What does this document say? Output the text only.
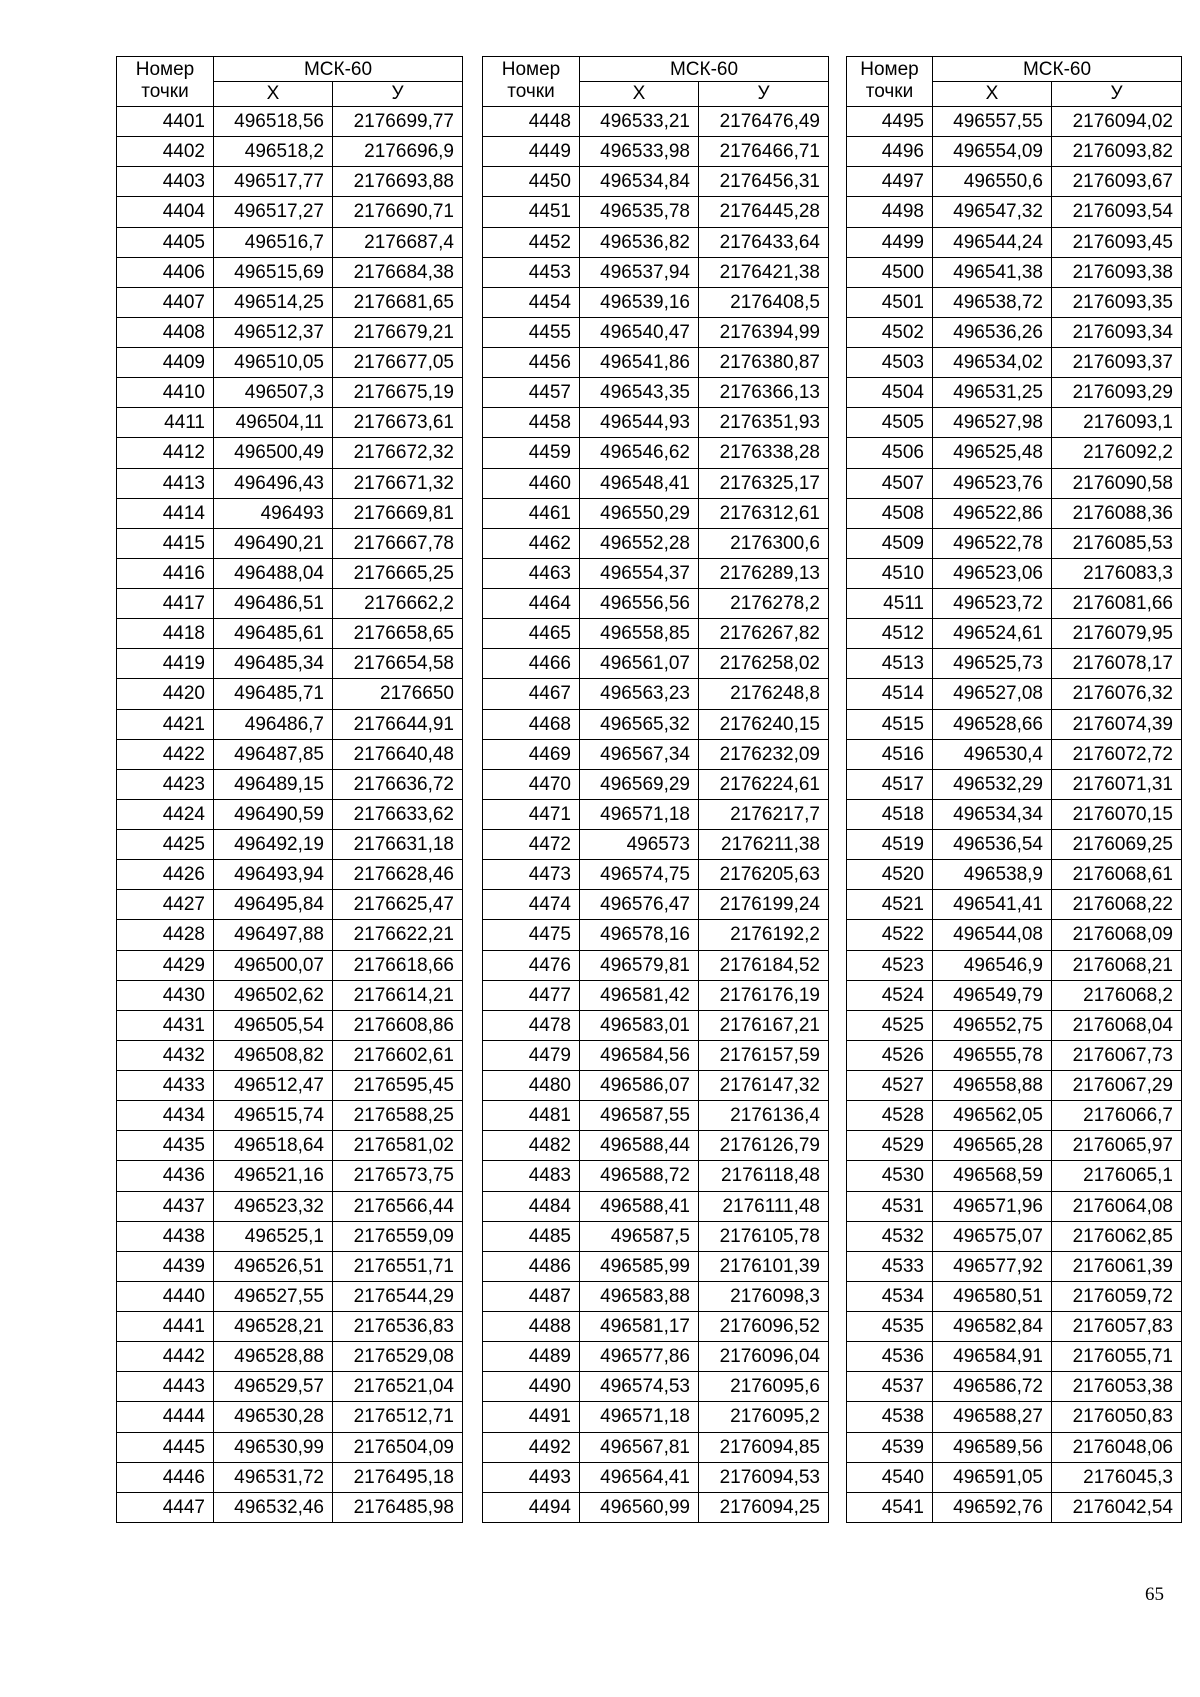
Номер точки	МСК-60	
	Х	У
4401	496518,56	2176699,77
4402	496518,2	2176696,9
4403	496517,77	2176693,88
4404	496517,27	2176690,71
4405	496516,7	2176687,4
4406	496515,69	2176684,38
4407	496514,25	2176681,65
4408	496512,37	2176679,21
4409	496510,05	2176677,05
4410	496507,3	2176675,19
4411	496504,11	2176673,61
4412	496500,49	2176672,32
4413	496496,43	2176671,32
4414	496493	2176669,81
4415	496490,21	2176667,78
4416	496488,04	2176665,25
4417	496486,51	2176662,2
4418	496485,61	2176658,65
4419	496485,34	2176654,58
4420	496485,71	2176650
4421	496486,7	2176644,91
4422	496487,85	2176640,48
4423	496489,15	2176636,72
4424	496490,59	2176633,62
4425	496492,19	2176631,18
4426	496493,94	2176628,46
4427	496495,84	2176625,47
4428	496497,88	2176622,21
4429	496500,07	2176618,66
4430	496502,62	2176614,21
4431	496505,54	2176608,86
4432	496508,82	2176602,61
4433	496512,47	2176595,45
4434	496515,74	2176588,25
4435	496518,64	2176581,02
4436	496521,16	2176573,75
4437	496523,32	2176566,44
4438	496525,1	2176559,09
4439	496526,51	2176551,71
4440	496527,55	2176544,29
4441	496528,21	2176536,83
4442	496528,88	2176529,08
4443	496529,57	2176521,04
4444	496530,28	2176512,71
4445	496530,99	2176504,09
4446	496531,72	2176495,18
4447	496532,46	2176485,98
Номер точки	МСК-60	
	Х	У
4448	496533,21	2176476,49
4449	496533,98	2176466,71
4450	496534,84	2176456,31
4451	496535,78	2176445,28
4452	496536,82	2176433,64
4453	496537,94	2176421,38
4454	496539,16	2176408,5
4455	496540,47	2176394,99
4456	496541,86	2176380,87
4457	496543,35	2176366,13
4458	496544,93	2176351,93
4459	496546,62	2176338,28
4460	496548,41	2176325,17
4461	496550,29	2176312,61
4462	496552,28	2176300,6
4463	496554,37	2176289,13
4464	496556,56	2176278,2
4465	496558,85	2176267,82
4466	496561,07	2176258,02
4467	496563,23	2176248,8
4468	496565,32	2176240,15
4469	496567,34	2176232,09
4470	496569,29	2176224,61
4471	496571,18	2176217,7
4472	496573	2176211,38
4473	496574,75	2176205,63
4474	496576,47	2176199,24
4475	496578,16	2176192,2
4476	496579,81	2176184,52
4477	496581,42	2176176,19
4478	496583,01	2176167,21
4479	496584,56	2176157,59
4480	496586,07	2176147,32
4481	496587,55	2176136,4
4482	496588,44	2176126,79
4483	496588,72	2176118,48
4484	496588,41	2176111,48
4485	496587,5	2176105,78
4486	496585,99	2176101,39
4487	496583,88	2176098,3
4488	496581,17	2176096,52
4489	496577,86	2176096,04
4490	496574,53	2176095,6
4491	496571,18	2176095,2
4492	496567,81	2176094,85
4493	496564,41	2176094,53
4494	496560,99	2176094,25
Номер точки	МСК-60	
	Х	У
4495	496557,55	2176094,02
4496	496554,09	2176093,82
4497	496550,6	2176093,67
4498	496547,32	2176093,54
4499	496544,24	2176093,45
4500	496541,38	2176093,38
4501	496538,72	2176093,35
4502	496536,26	2176093,34
4503	496534,02	2176093,37
4504	496531,25	2176093,29
4505	496527,98	2176093,1
4506	496525,48	2176092,2
4507	496523,76	2176090,58
4508	496522,86	2176088,36
4509	496522,78	2176085,53
4510	496523,06	2176083,3
4511	496523,72	2176081,66
4512	496524,61	2176079,95
4513	496525,73	2176078,17
4514	496527,08	2176076,32
4515	496528,66	2176074,39
4516	496530,4	2176072,72
4517	496532,29	2176071,31
4518	496534,34	2176070,15
4519	496536,54	2176069,25
4520	496538,9	2176068,61
4521	496541,41	2176068,22
4522	496544,08	2176068,09
4523	496546,9	2176068,21
4524	496549,79	2176068,2
4525	496552,75	2176068,04
4526	496555,78	2176067,73
4527	496558,88	2176067,29
4528	496562,05	2176066,7
4529	496565,28	2176065,97
4530	496568,59	2176065,1
4531	496571,96	2176064,08
4532	496575,07	2176062,85
4533	496577,92	2176061,39
4534	496580,51	2176059,72
4535	496582,84	2176057,83
4536	496584,91	2176055,71
4537	496586,72	2176053,38
4538	496588,27	2176050,83
4539	496589,56	2176048,06
4540	496591,05	2176045,3
4541	496592,76	2176042,54
65
